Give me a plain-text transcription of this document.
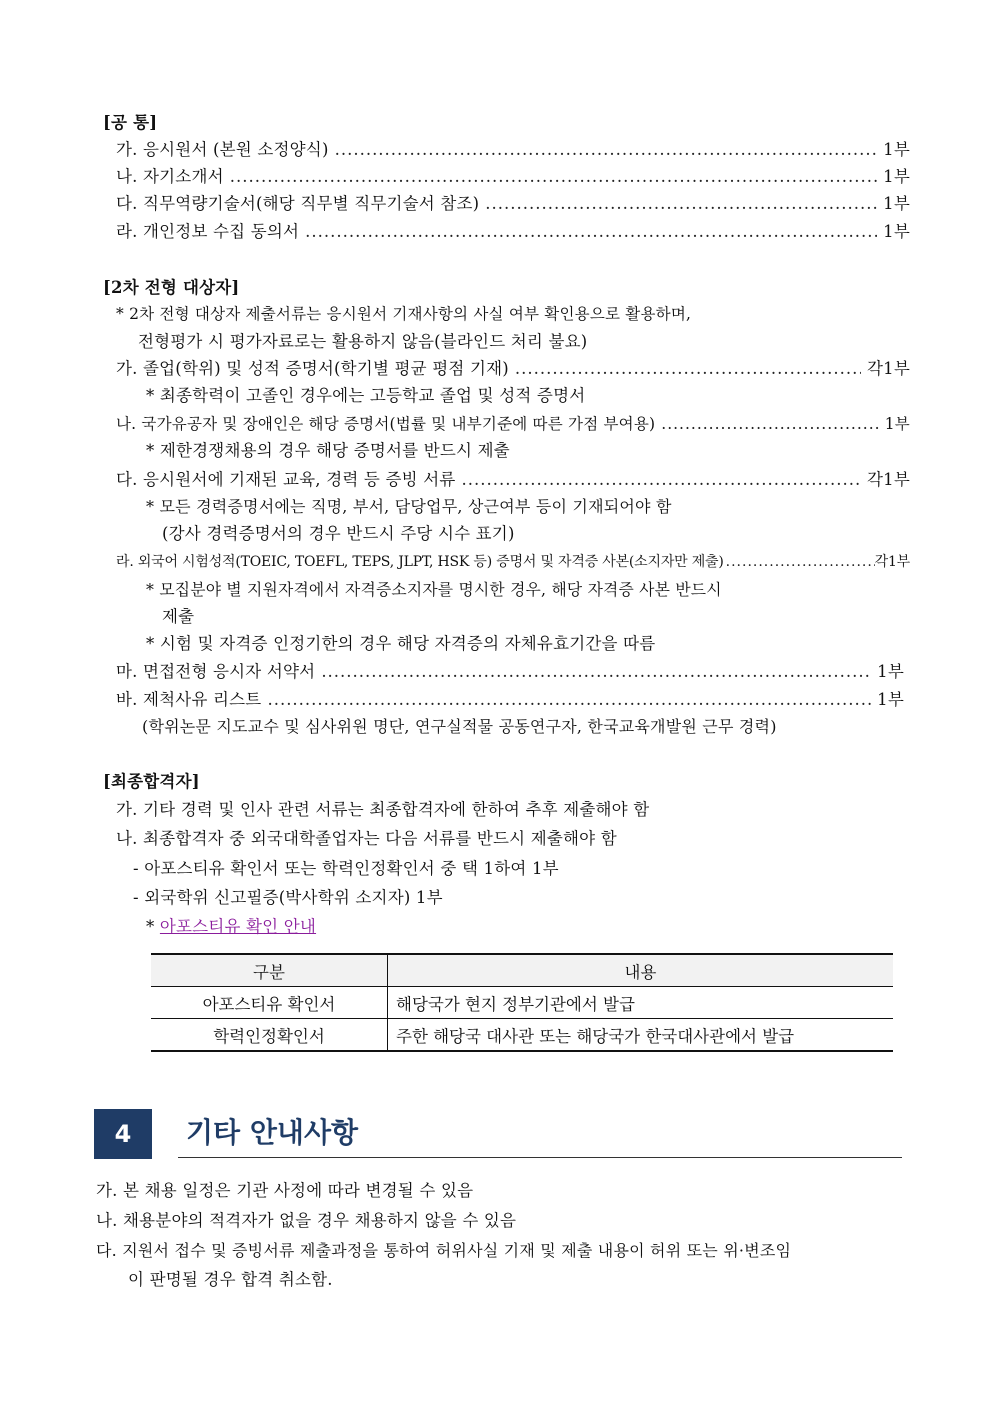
[공 통]
가. 응시원서 (본원 소정양식) .....	1부
나. 자기소개서 .....	1부
다. 직무역량기술서(해당 직무별 직무기술서 참조) .....	1부
라. 개인정보 수집 동의서 .....	1부
[2차 전형 대상자]
* 2차 전형 대상자 제출서류는 응시원서 기재사항의 사실 여부 확인용으로 활용하며,
전형평가 시 평가자료로는 활용하지 않음(블라인드 처리 불요)
가. 졸업(학위) 및 성적 증명서(학기별 평균 평점 기재) .....	각1부
* 최종학력이 고졸인 경우에는 고등학교 졸업 및 성적 증명서
나. 국가유공자 및 장애인은 해당 증명서(법률 및 내부기준에 따른 가점 부여용) .....	1부
* 제한경쟁채용의 경우 해당 증명서를 반드시 제출
다. 응시원서에 기재된 교육, 경력 등 증빙 서류 .....	각1부
* 모든 경력증명서에는 직명, 부서, 담당업무, 상근여부 등이 기재되어야 함
(강사 경력증명서의 경우 반드시 주당 시수 표기)
라. 외국어 시험성적(TOEIC, TOEFL, TEPS, JLPT, HSK 등) 증명서 및 자격증 사본(소지자만 제출) .....	각1부
* 모집분야 별 지원자격에서 자격증소지자를 명시한 경우, 해당 자격증 사본 반드시
제출
* 시험 및 자격증 인정기한의 경우 해당 자격증의 자체유효기간을 따름
마. 면접전형 응시자 서약서 .....	1부
바. 제척사유 리스트 .....	1부
(학위논문 지도교수 및 심사위원 명단, 연구실적물 공동연구자, 한국교육개발원 근무 경력)
[최종합격자]
가. 기타 경력 및 인사 관련 서류는 최종합격자에 한하여 추후 제출해야 함
나. 최종합격자 중 외국대학졸업자는 다음 서류를 반드시 제출해야 함
- 아포스티유 확인서 또는 학력인정확인서 중 택 1하여 1부
- 외국학위 신고필증(박사학위 소지자) 1부
* 아포스티유 확인 안내
구분	내용
아포스티유 확인서	해당국가 현지 정부기관에서 발급
학력인정확인서	주한 해당국 대사관 또는 해당국가 한국대사관에서 발급
4 기타 안내사항
가. 본 채용 일정은 기관 사정에 따라 변경될 수 있음
나. 채용분야의 적격자가 없을 경우 채용하지 않을 수 있음
다. 지원서 접수 및 증빙서류 제출과정을 통하여 허위사실 기재 및 제출 내용이 허위 또는 위·변조임
이 판명될 경우 합격 취소함.
